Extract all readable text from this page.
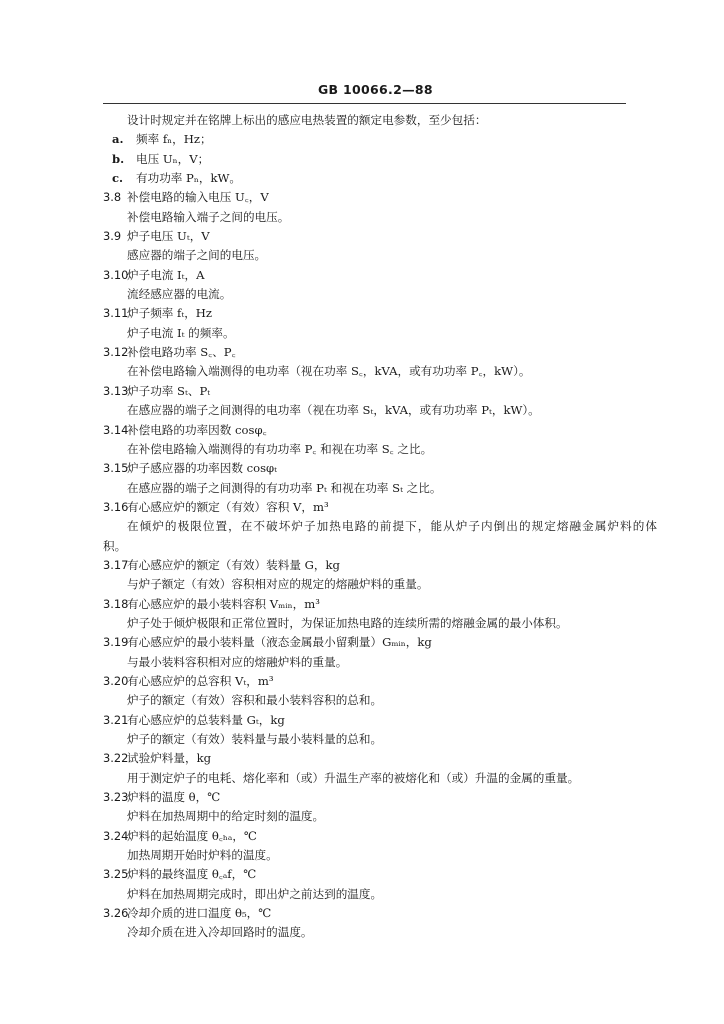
GB 10066.2—88
设计时规定并在铭牌上标出的感应电热装置的额定电参数，至少包括：
a. 频率 fₙ，Hz；
b. 电压 Uₙ，V；
c. 有功功率 Pₙ，kW。
3.8 补偿电路的输入电压 U꜀，V
补偿电路输入端子之间的电压。
3.9 炉子电压 Uₜ，V
感应器的端子之间的电压。
3.10炉子电流 Iₜ，A
流经感应器的电流。
3.11炉子频率 fₜ，Hz
炉子电流 Iₜ 的频率。
3.12补偿电路功率 S꜀、P꜀
在补偿电路输入端测得的电功率（视在功率 S꜀，kVA，或有功功率 P꜀，kW）。
3.13炉子功率 Sₜ、Pₜ
在感应器的端子之间测得的电功率（视在功率 Sₜ，kVA，或有功功率 Pₜ，kW）。
3.14补偿电路的功率因数 cosφ꜀
在补偿电路输入端测得的有功功率 P꜀ 和视在功率 S꜀ 之比。
3.15炉子感应器的功率因数 cosφₜ
在感应器的端子之间测得的有功功率 Pₜ 和视在功率 Sₜ 之比。
3.16有心感应炉的额定（有效）容积 V，m³
在倾炉的极限位置，在不破坏炉子加热电路的前提下，能从炉子内倒出的规定熔融金属炉料的体
积。
3.17有心感应炉的额定（有效）装料量 G，kg
与炉子额定（有效）容积相对应的规定的熔融炉料的重量。
3.18有心感应炉的最小装料容积 Vₘᵢₙ，m³
炉子处于倾炉极限和正常位置时，为保证加热电路的连续所需的熔融金属的最小体积。
3.19有心感应炉的最小装料量（液态金属最小留剩量）Gₘᵢₙ，kg
与最小装料容积相对应的熔融炉料的重量。
3.20有心感应炉的总容积 Vₜ，m³
炉子的额定（有效）容积和最小装料容积的总和。
3.21有心感应炉的总装料量 Gₜ，kg
炉子的额定（有效）装料量与最小装料量的总和。
3.22试验炉料量，kg
用于测定炉子的电耗、熔化率和（或）升温生产率的被熔化和（或）升温的金属的重量。
3.23炉料的温度 θ，℃
炉料在加热周期中的给定时刻的温度。
3.24炉料的起始温度 θ꜀ₕₐ，℃
加热周期开始时炉料的温度。
3.25炉料的最终温度 θ꜀ₐf，℃
炉料在加热周期完成时，即出炉之前达到的温度。
3.26冷却介质的进口温度 θ₅，℃
冷却介质在进入冷却回路时的温度。
